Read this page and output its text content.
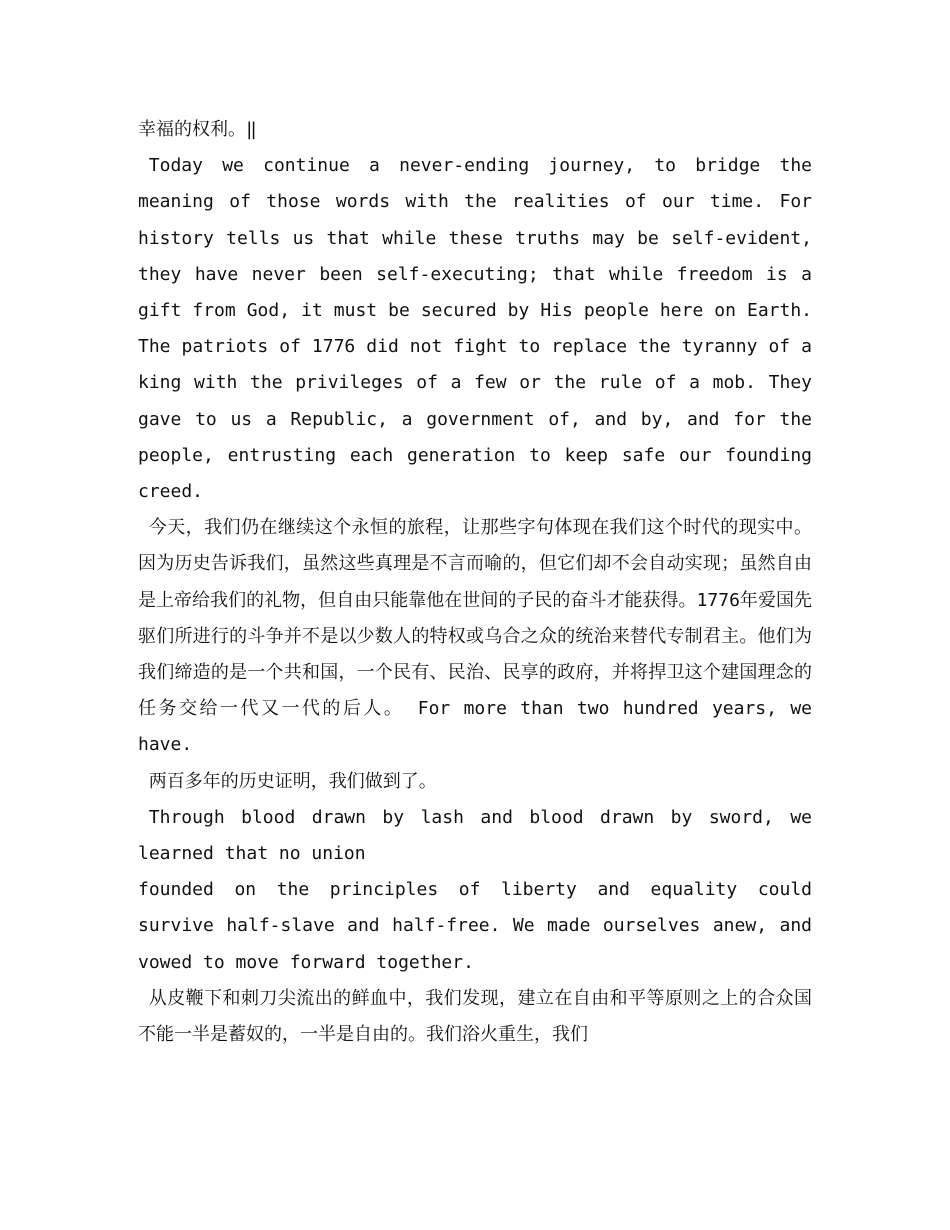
幸福的权利。‖

Today we continue a never-ending journey, to bridge the meaning of those words with the realities of our time. For history tells us that while these truths may be self-evident, they have never been self-executing; that while freedom is a gift from God, it must be secured by His people here on Earth. The patriots of 1776 did not fight to replace the tyranny of a king with the privileges of a few or the rule of a mob. They gave to us a Republic, a government of, and by, and for the people, entrusting each generation to keep safe our founding creed.

今天，我们仍在继续这个永恒的旅程，让那些字句体现在我们这个时代的现实中。因为历史告诉我们，虽然这些真理是不言而喻的，但它们却不会自动实现；虽然自由是上帝给我们的礼物，但自由只能靠他在世间的子民的奋斗才能获得。1776年爱国先驱们所进行的斗争并不是以少数人的特权或乌合之众的统治来替代专制君主。他们为我们缔造的是一个共和国，一个民有、民治、民享的政府，并将捍卫这个建国理念的任务交给一代又一代的后人。 For more than two hundred years, we have.

两百多年的历史证明，我们做到了。

Through blood drawn by lash and blood drawn by sword, we learned that no union

founded on the principles of liberty and equality could survive half-slave and half-free. We made ourselves anew, and vowed to move forward together.

从皮鞭下和刺刀尖流出的鲜血中，我们发现，建立在自由和平等原则之上的合众国不能一半是蓄奴的，一半是自由的。我们浴火重生，我们
